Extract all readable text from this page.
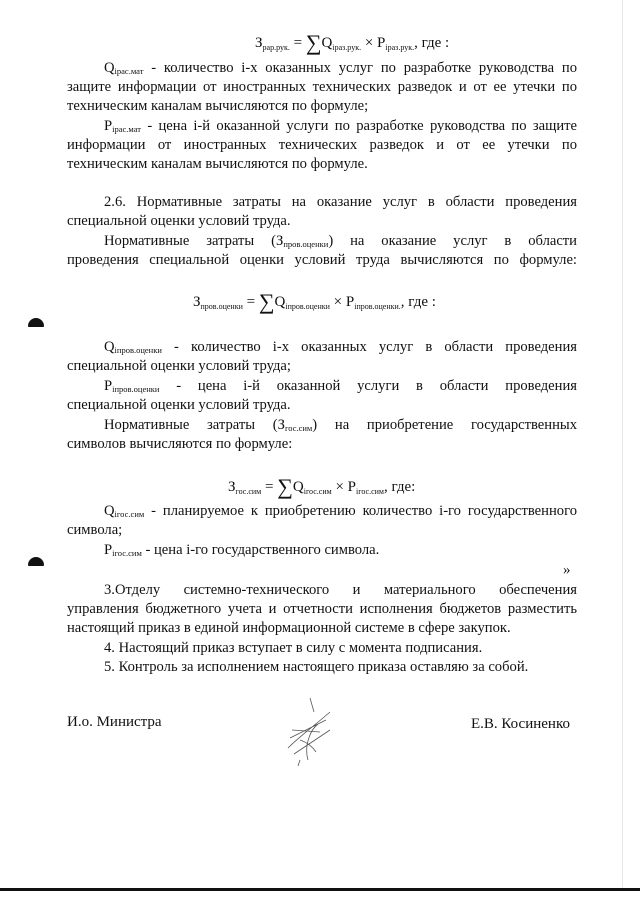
$З_{рар.рук.} = \sum Q_{iраз.рук.} \times P_{iраз.рук.}$, где :
$Q_{iрас.мат}$ - количество i-х оказанных услуг по разработке руководства по
защите информации от иностранных технических разведок и от ее утечки по
техническим каналам вычисляются по формуле;
$P_{iрас.мат}$ - цена i-й оказанной услуги по разработке руководства по защите
информации от иностранных технических разведок и от ее утечки по
техническим каналам вычисляются по формуле.
2.6. Нормативные затраты на оказание услуг в области проведения
специальной оценки условий труда.
Нормативные затраты $(З_{пров.оценки})$ на оказание услуг в области
проведения специальной оценки условий труда вычисляются по формуле:
$З_{пров.оценки} = \sum Q_{iпров.оценки} \times P_{iпров.оценки.}$, где :
$Q_{iпров.оценки}$ - количество i-х оказанных услуг в области проведения
специальной оценки условий труда;
$P_{iпров.оценки}$ - цена i-й оказанной услуги в области проведения
специальной оценки условий труда.
Нормативные затраты $(З_{гос.сим})$ на приобретение государственных
символов вычисляются по формуле:
$З_{гос.сим} = \sum Q_{iгос.сим} \times P_{iгос.сим}$, где:
$Q_{iгос.сим}$ - планируемое к приобретению количество i-го государственного
символа;
$P_{iгос.сим}$ - цена i-го государственного символа.
»
3.Отделу системно-технического и материального обеспечения
управления бюджетного учета и отчетности исполнения бюджетов разместить
настоящий приказ в единой информационной системе в сфере закупок.
4. Настоящий приказ вступает в силу с момента подписания.
5. Контроль за исполнением настоящего приказа оставляю за собой.
И.о. Министра	Е.В. Косиненко
